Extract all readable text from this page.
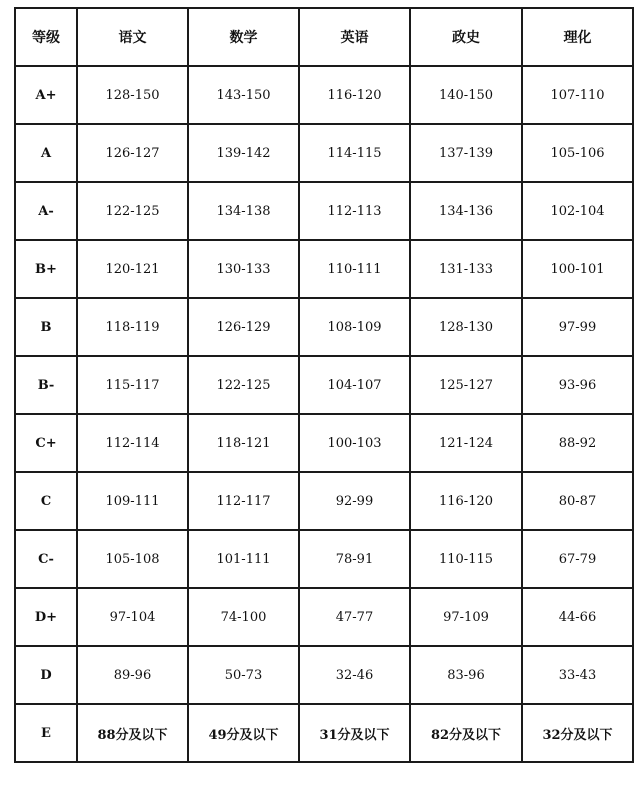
等级	语文	数学	英语	政史	理化
A+	128-150	143-150	116-120	140-150	107-110
A	126-127	139-142	114-115	137-139	105-106
A-	122-125	134-138	112-113	134-136	102-104
B+	120-121	130-133	110-111	131-133	100-101
B	118-119	126-129	108-109	128-130	97-99
B-	115-117	122-125	104-107	125-127	93-96
C+	112-114	118-121	100-103	121-124	88-92
C	109-111	112-117	92-99	116-120	80-87
C-	105-108	101-111	78-91	110-115	67-79
D+	97-104	74-100	47-77	97-109	44-66
D	89-96	50-73	32-46	83-96	33-43
E	88分及以下	49分及以下	31分及以下	82分及以下	32分及以下
